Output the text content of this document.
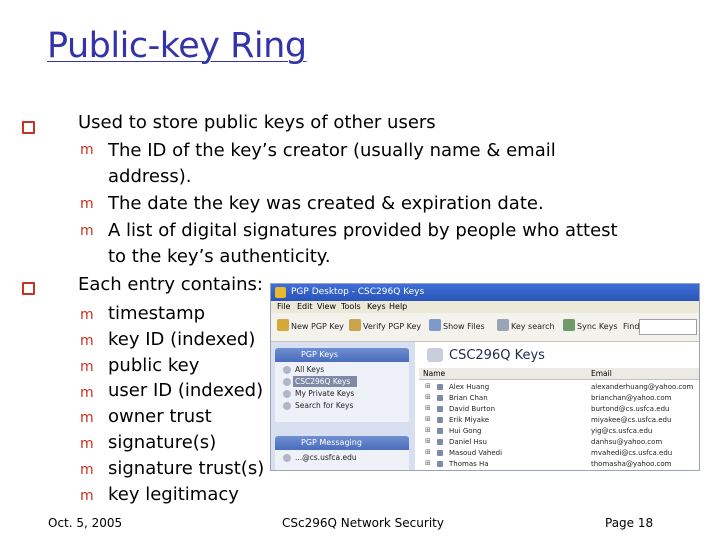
Public-key Ring
Used to store public keys of other users
m The ID of the key’s creator (usually name & email
address).
m The date the key was created & expiration date.
m A list of digital signatures provided by people who attest
to the key’s authenticity.
Each entry contains:
m timestamp
m key ID (indexed)
m public key
m user ID (indexed)
m owner trust
m signature(s)
m signature trust(s)
m key legitimacy
PGP Desktop - CSC296Q Keys
File Edit View Tools Keys Help
New PGP Key Verify PGP Key	Show Files	Key search	Sync Keys Find
PGP Keys
All Keys
CSC296Q Keys
My Private Keys
Search for Keys
PGP Messaging
...@cs.usfca.edu
CSC296Q Keys
Name	Email
⊞	Alex Huang	alexanderhuang@yahoo.com
⊞	Brian Chan	brianchan@yahoo.com
⊞	David Burton	burtond@cs.usfca.edu
⊞	Erik Miyake	miyakee@cs.usfca.edu
⊞	Hui Gong	yig@cs.usfca.edu
⊞	Daniel Hsu	danhsu@yahoo.com
⊞	Masoud Vahedi	mvahedi@cs.usfca.edu
⊞	Thomas Ha	thomasha@yahoo.com
Oct. 5, 2005	CSc296Q Network Security	Page 18
